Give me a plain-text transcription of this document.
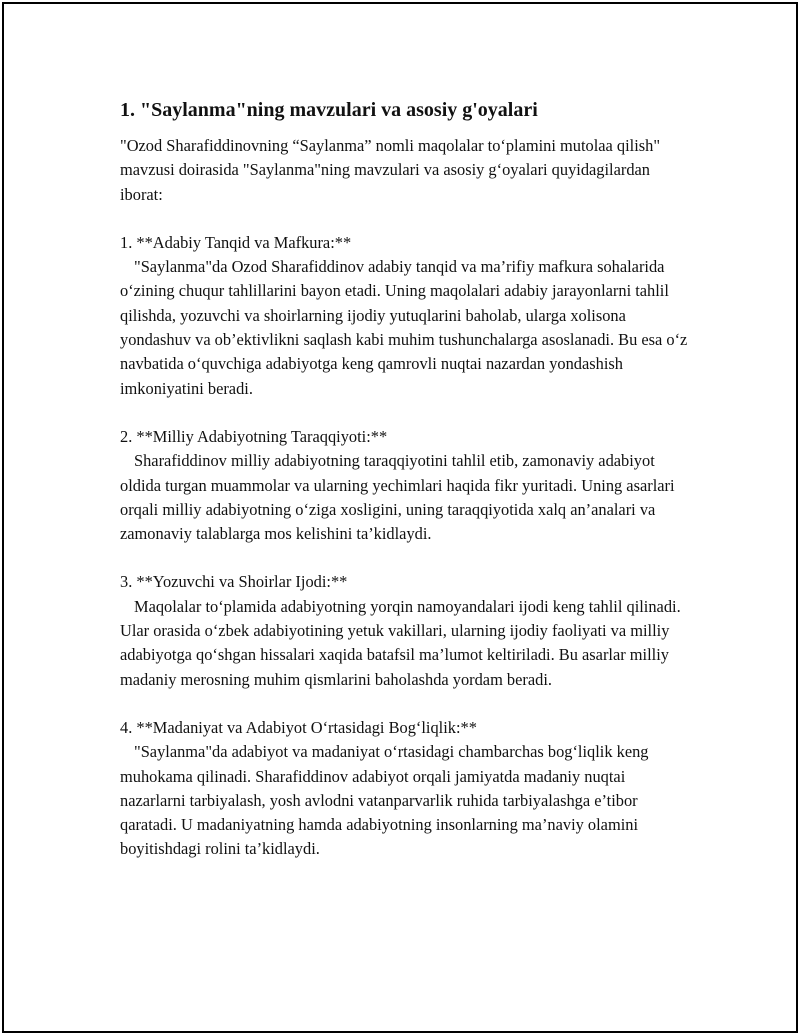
1. "Saylanma"ning mavzulari va asosiy g'oyalari

"Ozod Sharafiddinovning “Saylanma” nomli maqolalar to‘plamini mutolaa qilish" mavzusi doirasida "Saylanma"ning mavzulari va asosiy g‘oyalari quyidagilardan iborat:

1. **Adabiy Tanqid va Mafkura:**

"Saylanma"da Ozod Sharafiddinov adabiy tanqid va ma’rifiy mafkura sohalarida o‘zining chuqur tahlillarini bayon etadi. Uning maqolalari adabiy jarayonlarni tahlil qilishda, yozuvchi va shoirlarning ijodiy yutuqlarini baholab, ularga xolisona yondashuv va ob’ektivlikni saqlash kabi muhim tushunchalarga asoslanadi. Bu esa o‘z navbatida o‘quvchiga adabiyotga keng qamrovli nuqtai nazardan yondashish imkoniyatini beradi.

2. **Milliy Adabiyotning Taraqqiyoti:**

Sharafiddinov milliy adabiyotning taraqqiyotini tahlil etib, zamonaviy adabiyot oldida turgan muammolar va ularning yechimlari haqida fikr yuritadi. Uning asarlari orqali milliy adabiyotning o‘ziga xosligini, uning taraqqiyotida xalq an’analari va zamonaviy talablarga mos kelishini ta’kidlaydi.

3. **Yozuvchi va Shoirlar Ijodi:**

Maqolalar to‘plamida adabiyotning yorqin namoyandalari ijodi keng tahlil qilinadi. Ular orasida o‘zbek adabiyotining yetuk vakillari, ularning ijodiy faoliyati va milliy adabiyotga qo‘shgan hissalari xaqida batafsil ma’lumot keltiriladi. Bu asarlar milliy madaniy merosning muhim qismlarini baholashda yordam beradi.

4. **Madaniyat va Adabiyot O‘rtasidagi Bog‘liqlik:**

"Saylanma"da adabiyot va madaniyat o‘rtasidagi chambarchas bog‘liqlik keng muhokama qilinadi. Sharafiddinov adabiyot orqali jamiyatda madaniy nuqtai nazarlarni tarbiyalash, yosh avlodni vatanparvarlik ruhida tarbiyalashga e’tibor qaratadi. U madaniyatning hamda adabiyotning insonlarning ma’naviy olamini boyitishdagi rolini ta’kidlaydi.
